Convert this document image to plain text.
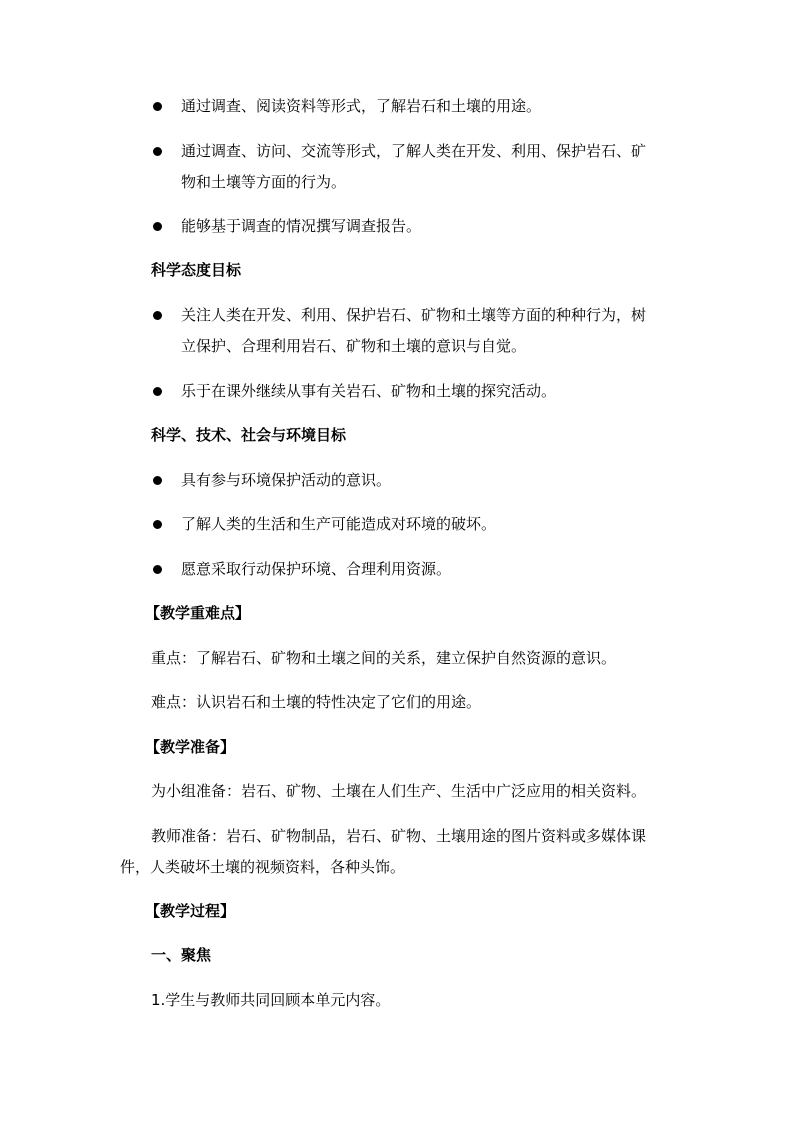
通过调查、阅读资料等形式，了解岩石和土壤的用途。
通过调查、访问、交流等形式，了解人类在开发、利用、保护岩石、矿
物和土壤等方面的行为。
能够基于调查的情况撰写调查报告。
科学态度目标
关注人类在开发、利用、保护岩石、矿物和土壤等方面的种种行为，树
立保护、合理利用岩石、矿物和土壤的意识与自觉。
乐于在课外继续从事有关岩石、矿物和土壤的探究活动。
科学、技术、社会与环境目标
具有参与环境保护活动的意识。
了解人类的生活和生产可能造成对环境的破坏。
愿意采取行动保护环境、合理利用资源。
【教学重难点】
重点：了解岩石、矿物和土壤之间的关系，建立保护自然资源的意识。
难点：认识岩石和土壤的特性决定了它们的用途。
【教学准备】
为小组准备：岩石、矿物、土壤在人们生产、生活中广泛应用的相关资料。
教师准备：岩石、矿物制品，岩石、矿物、土壤用途的图片资料或多媒体课
件，人类破坏土壤的视频资料，各种头饰。
【教学过程】
一、聚焦
1.学生与教师共同回顾本单元内容。
